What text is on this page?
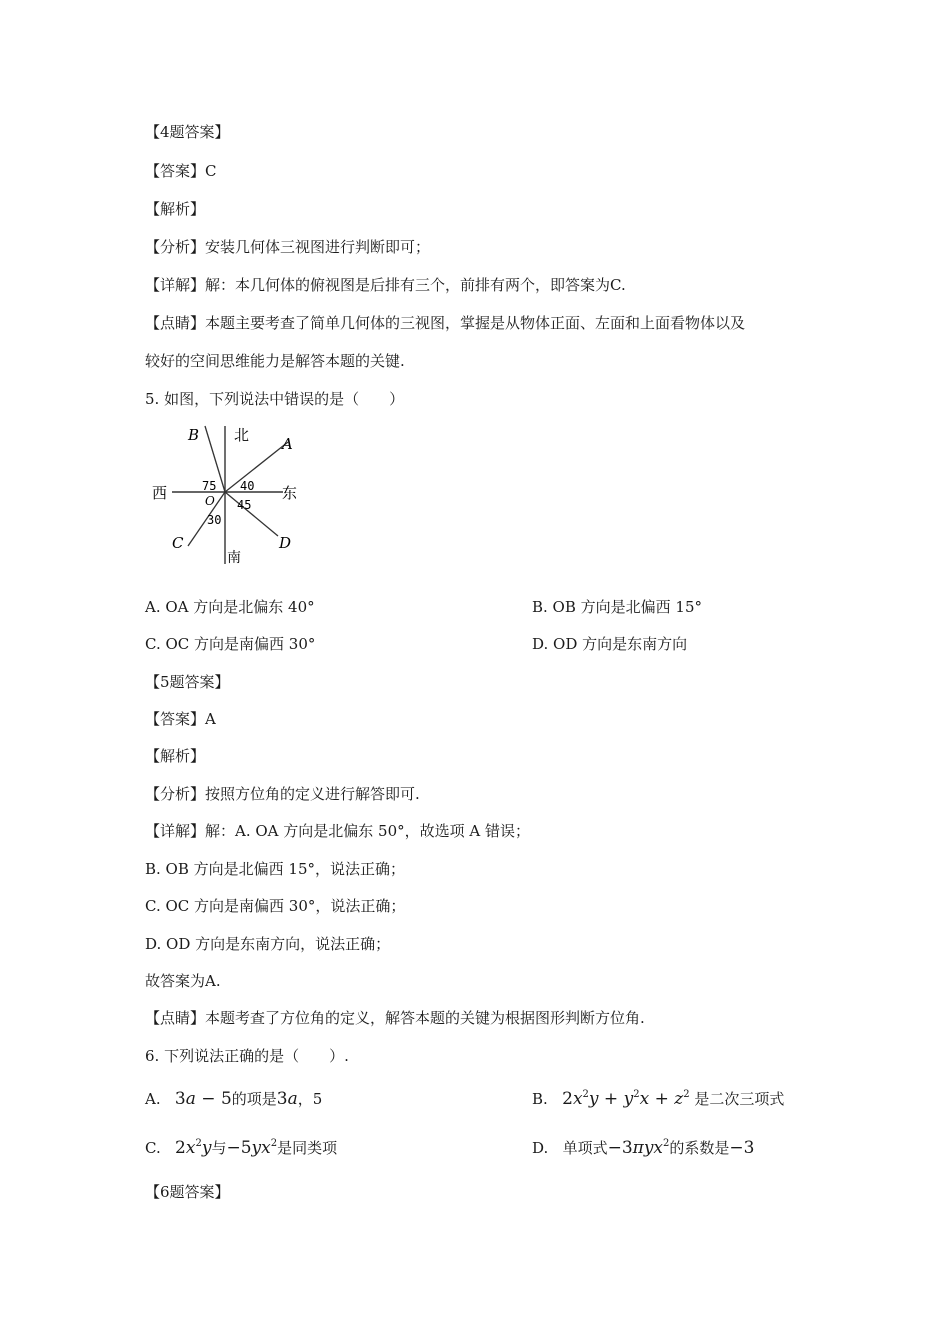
【4题答案】
【答案】C
【解析】
【分析】安装几何体三视图进行判断即可；
【详解】解：本几何体的俯视图是后排有三个，前排有两个，即答案为C.
【点睛】本题主要考查了简单几何体的三视图，掌握是从物体正面、左面和上面看物体以及
较好的空间思维能力是解答本题的关键.
5. 如图，下列说法中错误的是（　　）
北
南
东
西
A
B
C	D
O
75 40
45
30
A. OA 方向是北偏东 40°	B. OB 方向是北偏西 15°
C. OC 方向是南偏西 30°	D. OD 方向是东南方向
【5题答案】
【答案】A
【解析】
【分析】按照方位角的定义进行解答即可.
【详解】解：A. OA 方向是北偏东 50°，故选项 A 错误；
B. OB 方向是北偏西 15°，说法正确；
C. OC 方向是南偏西 30°，说法正确；
D. OD 方向是东南方向，说法正确；
故答案为A.
【点睛】本题考查了方位角的定义，解答本题的关键为根据图形判断方位角.
6. 下列说法正确的是（　　）.
A. 3a − 5的项是3a，5	B. $2x^2y + y^2x + z^2$ 是二次三项式
C. $2x^2y$与$-5yx^2$是同类项	D. 单项式−3πyx$^2$的系数是−3
【6题答案】
